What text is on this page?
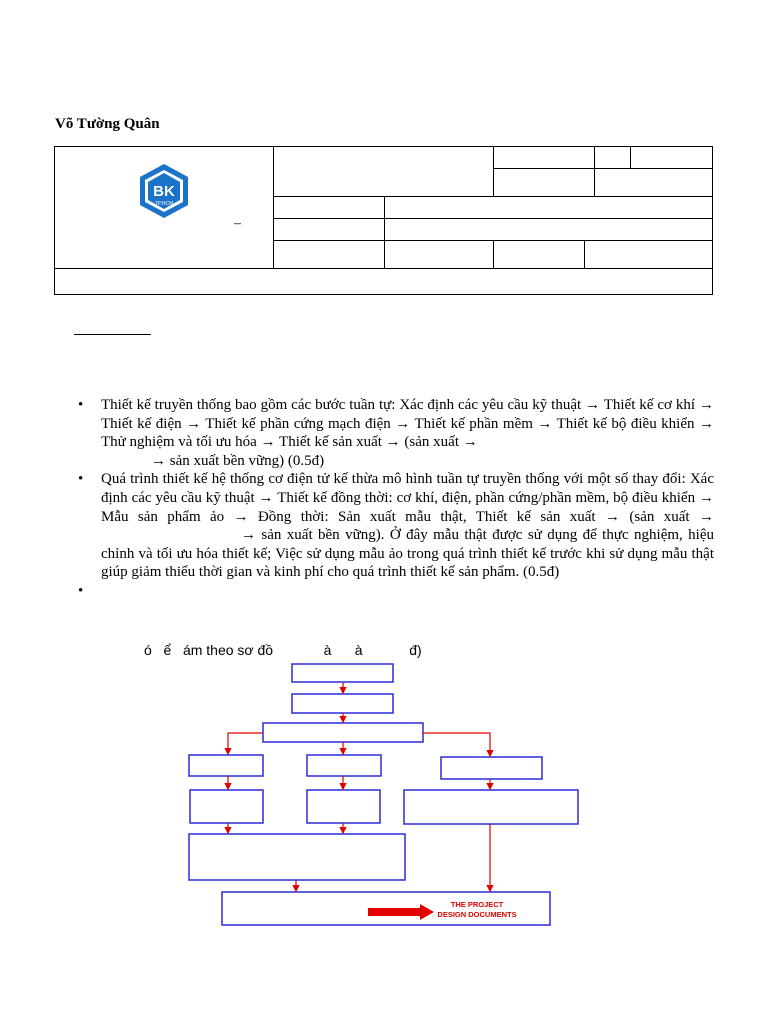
Võ Tường Quân
BK
TP.HCM
–
• Thiết kế truyền thống bao gồm các bước tuần tự: Xác định các yêu cầu kỹ thuật → Thiết kế cơ khí → Thiết kế điện → Thiết kế phần cứng mạch điện → Thiết kế phần mềm → Thiết kế bộ điều khiển → Thử nghiệm và tối ưu hóa → Thiết kế sản xuất → (sản xuất →
→ sản xuất bền vững) (0.5đ)
• Quá trình thiết kế hệ thống cơ điện tử kế thừa mô hình tuần tự truyền thống với một số thay đổi: Xác định các yêu cầu kỹ thuật → Thiết kế đồng thời: cơ khí, điện, phần cứng/phần mềm, bộ điều khiển → Mẫu sản phẩm ảo → Đồng thời: Sản xuất mẫu thật, Thiết kế sản xuất → (sản xuất →→ sản xuất bền vững). Ở đây mẫu thật được sử dụng để thực nghiệm, hiệu chỉnh và tối ưu hóa thiết kế; Việc sử dụng mẫu ảo trong quá trình thiết kế trước khi sử dụng mẫu thật giúp giảm thiểu thời gian và kinh phí cho quá trình thiết kế sản phẩm. (0.5đ)
•
ó ể ám theo sơ đồ	à à	đ)
THE PROJECT
DESIGN DOCUMENTS
